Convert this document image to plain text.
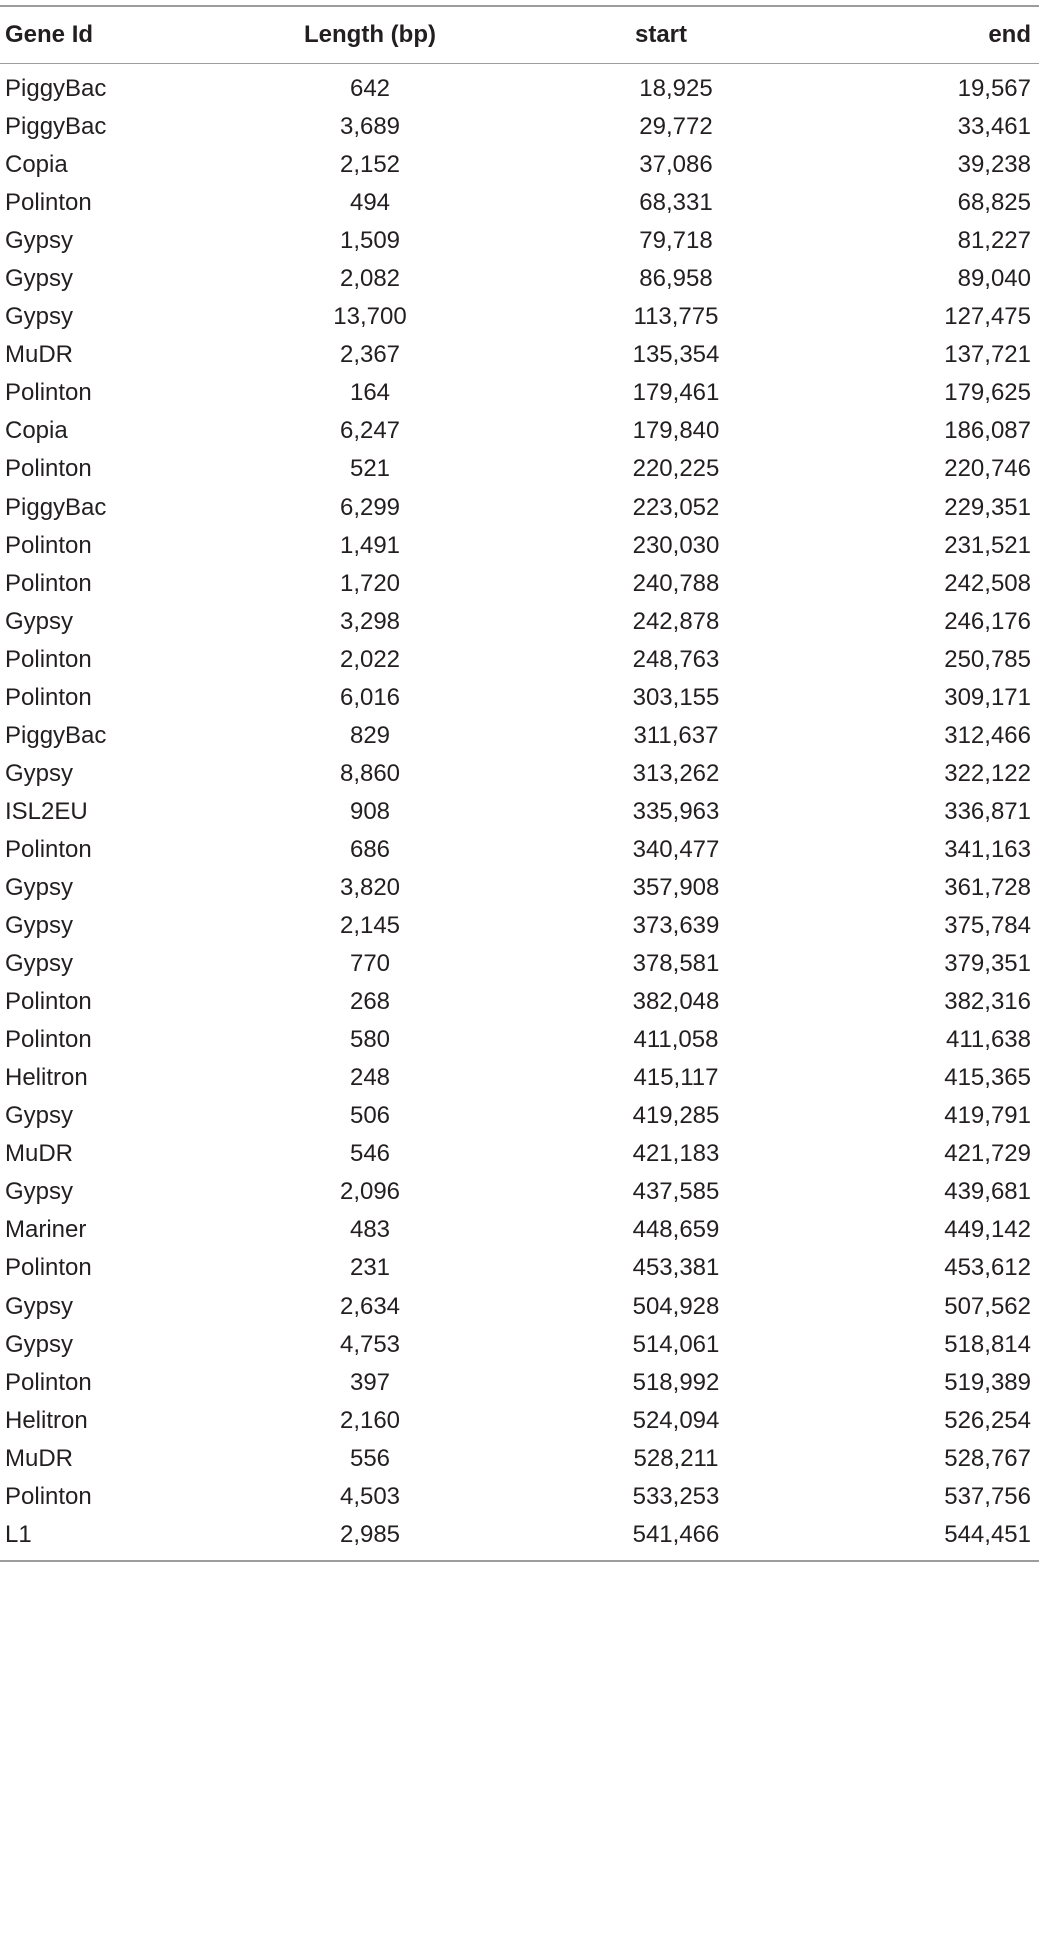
Gene Id	Length (bp)	start	end
PiggyBac	642	18,925	19,567
PiggyBac	3,689	29,772	33,461
Copia	2,152	37,086	39,238
Polinton	494	68,331	68,825
Gypsy	1,509	79,718	81,227
Gypsy	2,082	86,958	89,040
Gypsy	13,700	113,775	127,475
MuDR	2,367	135,354	137,721
Polinton	164	179,461	179,625
Copia	6,247	179,840	186,087
Polinton	521	220,225	220,746
PiggyBac	6,299	223,052	229,351
Polinton	1,491	230,030	231,521
Polinton	1,720	240,788	242,508
Gypsy	3,298	242,878	246,176
Polinton	2,022	248,763	250,785
Polinton	6,016	303,155	309,171
PiggyBac	829	311,637	312,466
Gypsy	8,860	313,262	322,122
ISL2EU	908	335,963	336,871
Polinton	686	340,477	341,163
Gypsy	3,820	357,908	361,728
Gypsy	2,145	373,639	375,784
Gypsy	770	378,581	379,351
Polinton	268	382,048	382,316
Polinton	580	411,058	411,638
Helitron	248	415,117	415,365
Gypsy	506	419,285	419,791
MuDR	546	421,183	421,729
Gypsy	2,096	437,585	439,681
Mariner	483	448,659	449,142
Polinton	231	453,381	453,612
Gypsy	2,634	504,928	507,562
Gypsy	4,753	514,061	518,814
Polinton	397	518,992	519,389
Helitron	2,160	524,094	526,254
MuDR	556	528,211	528,767
Polinton	4,503	533,253	537,756
L1	2,985	541,466	544,451
